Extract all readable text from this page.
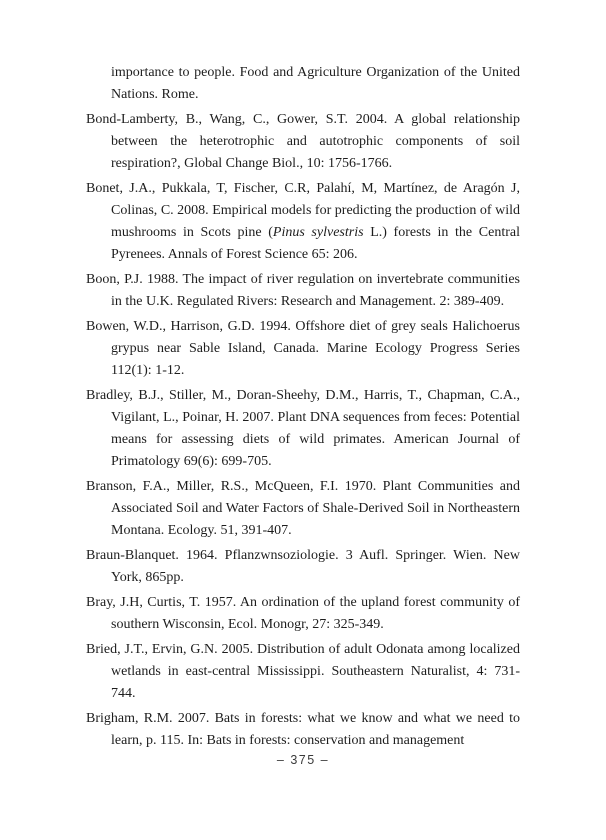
importance to people. Food and Agriculture Organization of the United Nations. Rome.

Bond-Lamberty, B., Wang, C., Gower, S.T. 2004. A global relationship between the heterotrophic and autotrophic components of soil respiration?, Global Change Biol., 10: 1756-1766.

Bonet, J.A., Pukkala, T, Fischer, C.R, Palahí, M, Martínez, de Aragón J, Colinas, C. 2008. Empirical models for predicting the production of wild mushrooms in Scots pine (Pinus sylvestris L.) forests in the Central Pyrenees. Annals of Forest Science 65: 206.

Boon, P.J. 1988. The impact of river regulation on invertebrate communities in the U.K. Regulated Rivers: Research and Management. 2: 389-409.

Bowen, W.D., Harrison, G.D. 1994. Offshore diet of grey seals Halichoerus grypus near Sable Island, Canada. Marine Ecology Progress Series 112(1): 1-12.

Bradley, B.J., Stiller, M., Doran-Sheehy, D.M., Harris, T., Chapman, C.A., Vigilant, L., Poinar, H. 2007. Plant DNA sequences from feces: Potential means for assessing diets of wild primates. American Journal of Primatology 69(6): 699-705.

Branson, F.A., Miller, R.S., McQueen, F.I. 1970. Plant Communities and Associated Soil and Water Factors of Shale-Derived Soil in Northeastern Montana. Ecology. 51, 391-407.

Braun-Blanquet. 1964. Pflanzwnsoziologie. 3 Aufl. Springer. Wien. New York, 865pp.

Bray, J.H, Curtis, T. 1957. An ordination of the upland forest community of southern Wisconsin, Ecol. Monogr, 27: 325-349.

Bried, J.T., Ervin, G.N. 2005. Distribution of adult Odonata among localized wetlands in east-central Mississippi. Southeastern Naturalist, 4: 731-744.

Brigham, R.M. 2007. Bats in forests: what we know and what we need to learn, p. 115. In: Bats in forests: conservation and management

– 375 –
